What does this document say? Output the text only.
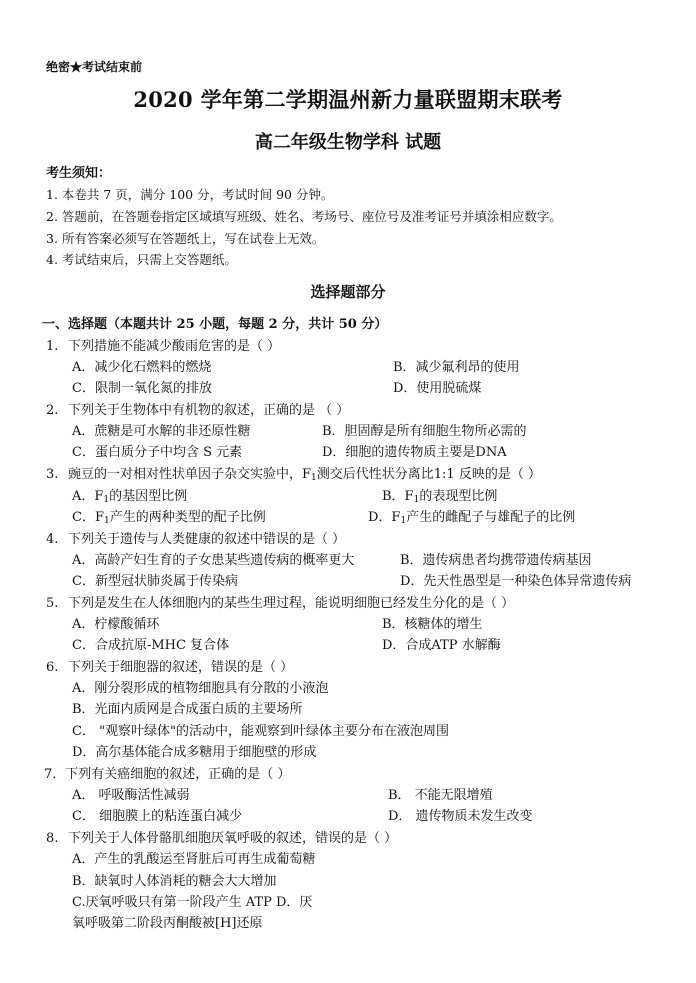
绝密★考试结束前
2020 学年第二学期温州新力量联盟期末联考
高二年级生物学科 试题
考生须知：
1. 本卷共 7 页，满分 100 分，考试时间 90 分钟。
2. 答题前，在答题卷指定区域填写班级、姓名、考场号、座位号及准考证号并填涂相应数字。
3. 所有答案必须写在答题纸上，写在试卷上无效。
4. 考试结束后，只需上交答题纸。
选择题部分
一、选择题（本题共计 25 小题，每题 2 分，共计 50 分）
1. 下列措施不能减少酸雨危害的是（ ）
A．减少化石燃料的燃烧	B．减少氟利昂的使用
C．限制一氧化氮的排放	D．使用脱硫煤
2. 下列关于生物体中有机物的叙述，正确的是 （ ）
A．蔗糖是可水解的非还原性糖	B．胆固醇是所有细胞生物所必需的
C．蛋白质分子中均含 S 元素	D．细胞的遗传物质主要是DNA
3. 豌豆的一对相对性状单因子杂交实验中，$F_1$测交后代性状分离比1:1 反映的是（ ）
A．$F_1$的基因型比例	B．$F_1$的表现型比例
C．$F_1$产生的两种类型的配子比例	D．$F_1$产生的雌配子与雄配子的比例
4. 下列关于遗传与人类健康的叙述中错误的是（ ）
A．高龄产妇生育的子女患某些遗传病的概率更大	B．遗传病患者均携带遗传病基因
C．新型冠状肺炎属于传染病	D．先天性愚型是一种染色体异常遗传病
5. 下列是发生在人体细胞内的某些生理过程，能说明细胞已经发生分化的是（ ）
A．柠檬酸循环	B．核糖体的增生
C．合成抗原-MHC 复合体	D．合成ATP 水解酶
6. 下列关于细胞器的叙述，错误的是（ ）
A．刚分裂形成的植物细胞具有分散的小液泡
B．光面内质网是合成蛋白质的主要场所
C． "观察叶绿体"的活动中，能观察到叶绿体主要分布在液泡周围
D．高尔基体能合成多糖用于细胞壁的形成
7．下列有关癌细胞的叙述，正确的是（ ）
A． 呼吸酶活性减弱	B． 不能无限增殖
C． 细胞膜上的粘连蛋白减少	D． 遗传物质未发生改变
8. 下列关于人体骨骼肌细胞厌氧呼吸的叙述，错误的是（ ）
A．产生的乳酸运至肾脏后可再生成葡萄糖
B．缺氧时人体消耗的糖会大大增加
C.厌氧呼吸只有第一阶段产生 ATP D．厌
氧呼吸第二阶段丙酮酸被[H]还原
